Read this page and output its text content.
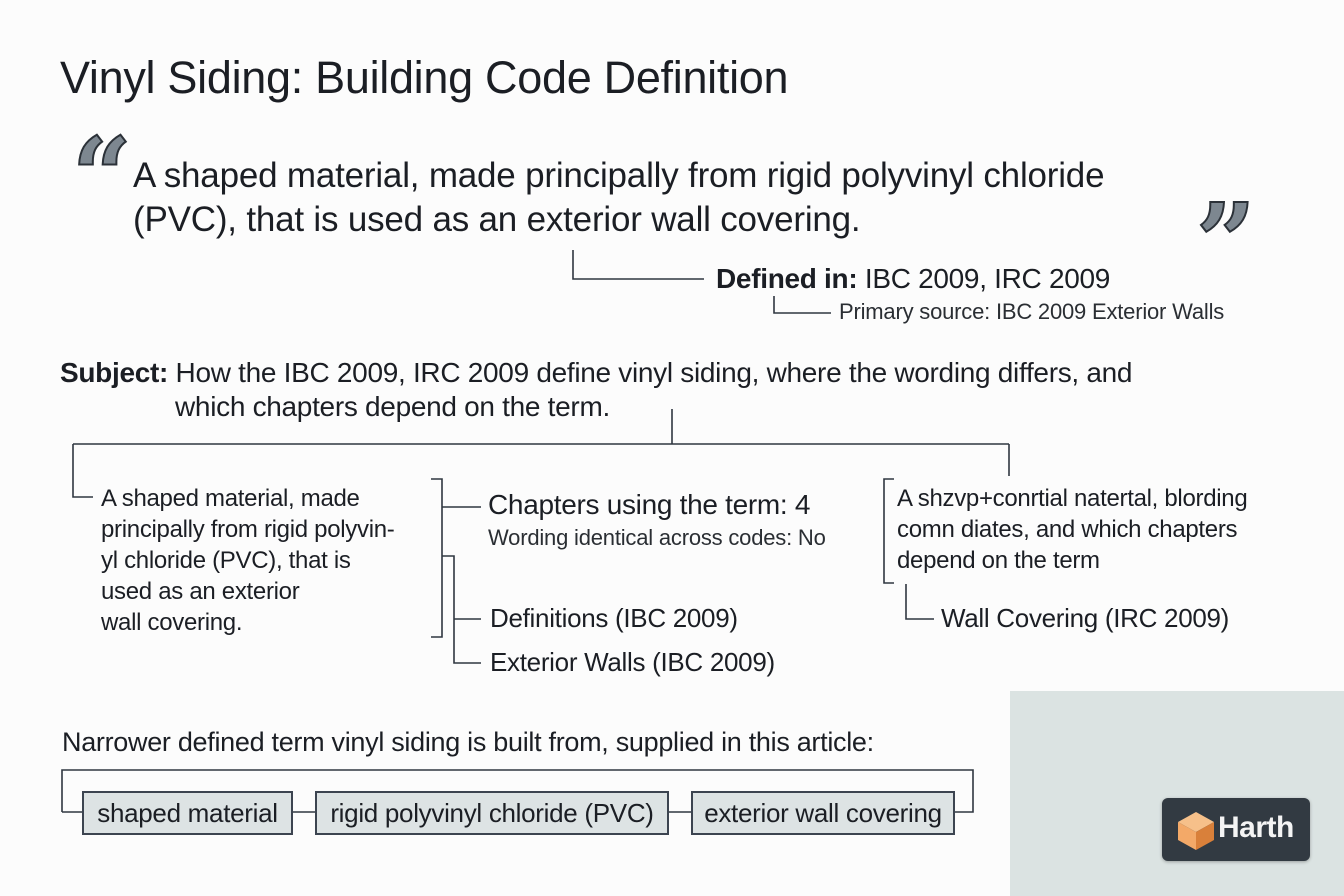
Vinyl Siding: Building Code Definition
“ A shaped material, made principally from rigid polyvinyl chloride
(PVC), that is used as an exterior wall covering.	”
Defined in: IBC 2009, IRC 2009
Primary source: IBC 2009 Exterior Walls
Subject: How the IBC 2009, IRC 2009 define vinyl siding, where the wording differs, and
which chapters depend on the term.
A shaped material, made
principally from rigid polyvin-
yl chloride (PVC), that is
used as an exterior
wall covering.
Chapters using the term: 4
Wording identical across codes: No
Definitions (IBC 2009)
Exterior Walls (IBC 2009)
A shzvp+conrtial natertal, blording
comn diates, and which chapters
depend on the term
Wall Covering (IRC 2009)
Narrower defined term vinyl siding is built from, supplied in this article:
shaped material	rigid polyvinyl chloride (PVC)	exterior wall covering	Harth
